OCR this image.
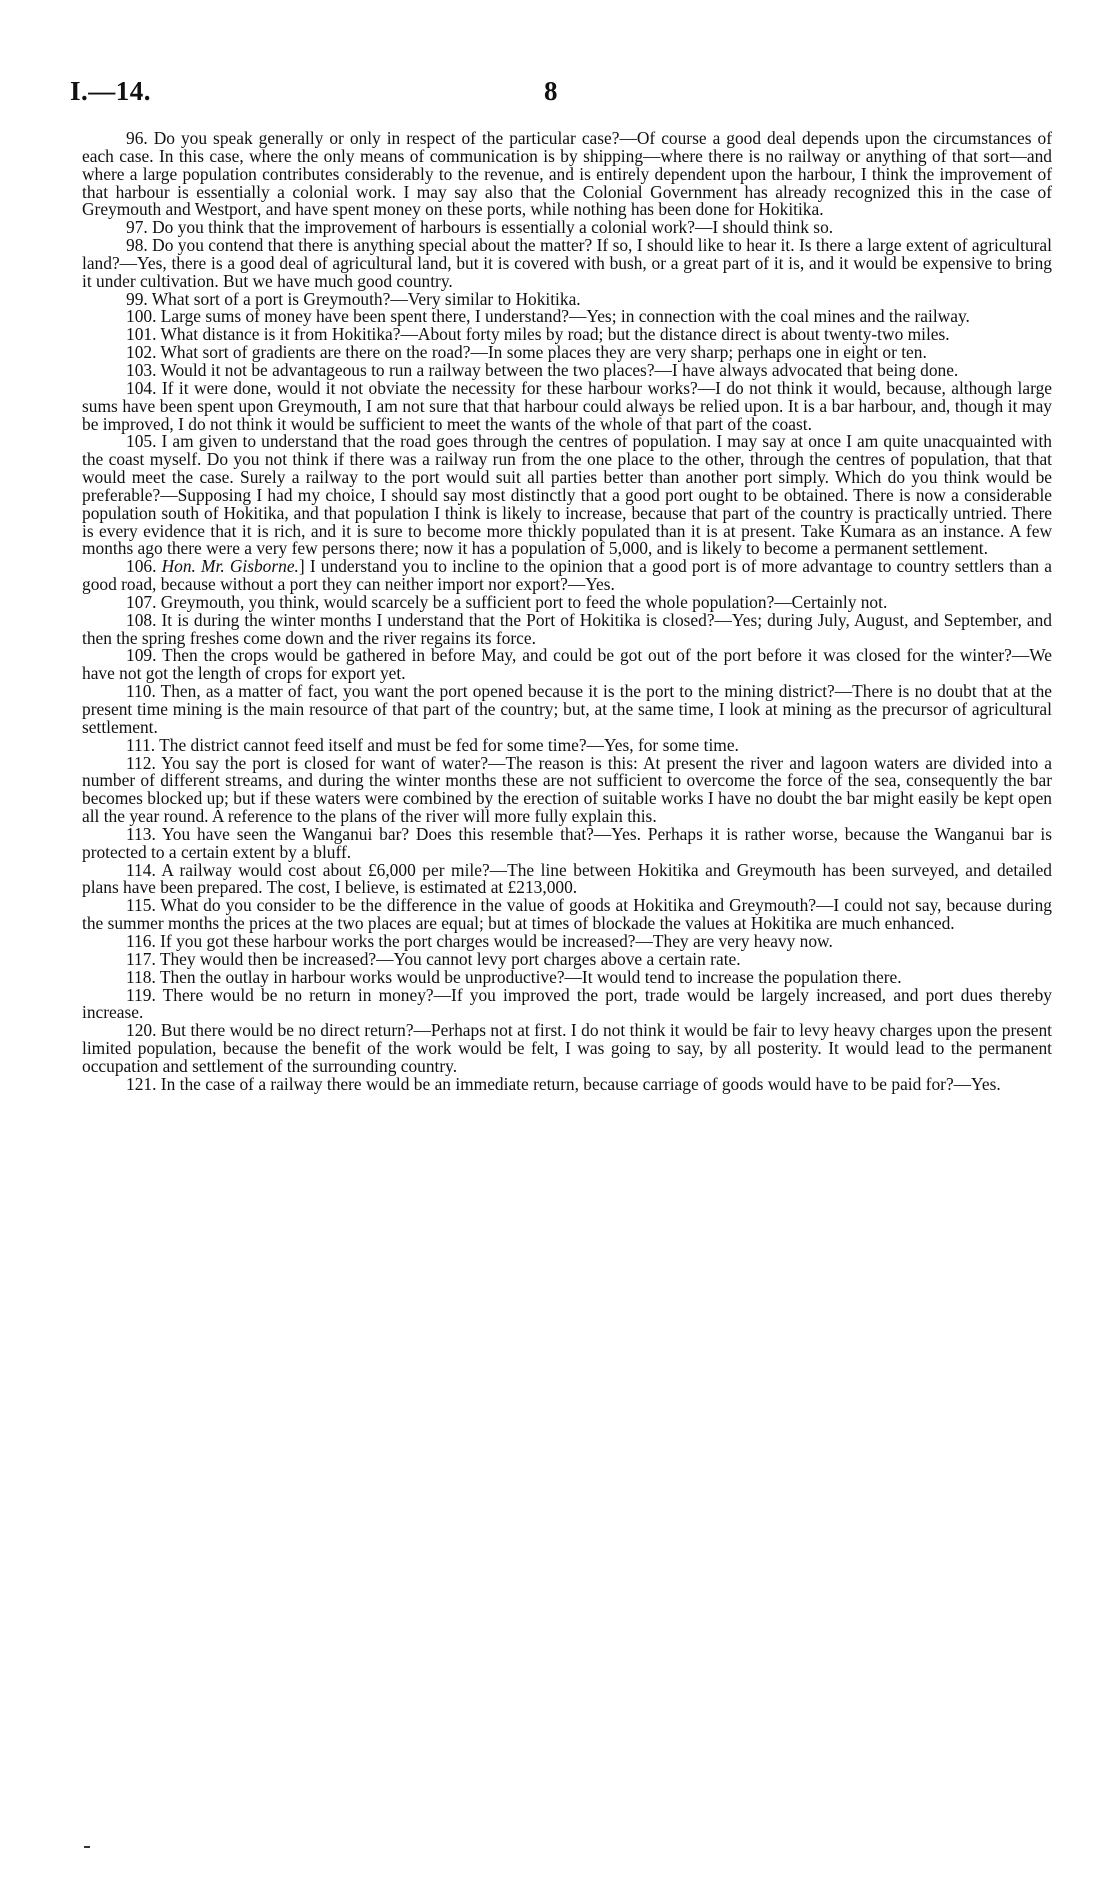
I.—14.	8

96. Do you speak generally or only in respect of the particular case?—Of course a good deal depends upon the circumstances of each case. In this case, where the only means of communication is by shipping—where there is no railway or anything of that sort—and where a large population contributes considerably to the revenue, and is entirely dependent upon the harbour, I think the improvement of that harbour is essentially a colonial work. I may say also that the Colonial Government has already recognized this in the case of Greymouth and Westport, and have spent money on these ports, while nothing has been done for Hokitika.

97. Do you think that the improvement of harbours is essentially a colonial work?—I should think so.

98. Do you contend that there is anything special about the matter? If so, I should like to hear it. Is there a large extent of agricultural land?—Yes, there is a good deal of agricultural land, but it is covered with bush, or a great part of it is, and it would be expensive to bring it under cultivation. But we have much good country.

99. What sort of a port is Greymouth?—Very similar to Hokitika.

100. Large sums of money have been spent there, I understand?—Yes; in connection with the coal mines and the railway.

101. What distance is it from Hokitika?—About forty miles by road; but the distance direct is about twenty-two miles.

102. What sort of gradients are there on the road?—In some places they are very sharp; perhaps one in eight or ten.

103. Would it not be advantageous to run a railway between the two places?—I have always advocated that being done.

104. If it were done, would it not obviate the necessity for these harbour works?—I do not think it would, because, although large sums have been spent upon Greymouth, I am not sure that that harbour could always be relied upon. It is a bar harbour, and, though it may be improved, I do not think it would be sufficient to meet the wants of the whole of that part of the coast.

105. I am given to understand that the road goes through the centres of population. I may say at once I am quite unacquainted with the coast myself. Do you not think if there was a railway run from the one place to the other, through the centres of population, that that would meet the case. Surely a railway to the port would suit all parties better than another port simply. Which do you think would be preferable?—Supposing I had my choice, I should say most distinctly that a good port ought to be obtained. There is now a considerable population south of Hokitika, and that population I think is likely to increase, because that part of the country is practically untried. There is every evidence that it is rich, and it is sure to become more thickly populated than it is at present. Take Kumara as an instance. A few months ago there were a very few persons there; now it has a population of 5,000, and is likely to become a permanent settlement.

106. Hon. Mr. Gisborne.] I understand you to incline to the opinion that a good port is of more advantage to country settlers than a good road, because without a port they can neither import nor export?—Yes.

107. Greymouth, you think, would scarcely be a sufficient port to feed the whole population?—Certainly not.

108. It is during the winter months I understand that the Port of Hokitika is closed?—Yes; during July, August, and September, and then the spring freshes come down and the river regains its force.

109. Then the crops would be gathered in before May, and could be got out of the port before it was closed for the winter?—We have not got the length of crops for export yet.

110. Then, as a matter of fact, you want the port opened because it is the port to the mining district?—There is no doubt that at the present time mining is the main resource of that part of the country; but, at the same time, I look at mining as the precursor of agricultural settlement.

111. The district cannot feed itself and must be fed for some time?—Yes, for some time.

112. You say the port is closed for want of water?—The reason is this: At present the river and lagoon waters are divided into a number of different streams, and during the winter months these are not sufficient to overcome the force of the sea, consequently the bar becomes blocked up; but if these waters were combined by the erection of suitable works I have no doubt the bar might easily be kept open all the year round. A reference to the plans of the river will more fully explain this.

113. You have seen the Wanganui bar? Does this resemble that?—Yes. Perhaps it is rather worse, because the Wanganui bar is protected to a certain extent by a bluff.

114. A railway would cost about £6,000 per mile?—The line between Hokitika and Greymouth has been surveyed, and detailed plans have been prepared. The cost, I believe, is estimated at £213,000.

115. What do you consider to be the difference in the value of goods at Hokitika and Greymouth?—I could not say, because during the summer months the prices at the two places are equal; but at times of blockade the values at Hokitika are much enhanced.

116. If you got these harbour works the port charges would be increased?—They are very heavy now.

117. They would then be increased?—You cannot levy port charges above a certain rate.

118. Then the outlay in harbour works would be unproductive?—It would tend to increase the population there.

119. There would be no return in money?—If you improved the port, trade would be largely increased, and port dues thereby increase.

120. But there would be no direct return?—Perhaps not at first. I do not think it would be fair to levy heavy charges upon the present limited population, because the benefit of the work would be felt, I was going to say, by all posterity. It would lead to the permanent occupation and settlement of the surrounding country.

121. In the case of a railway there would be an immediate return, because carriage of goods would have to be paid for?—Yes.
